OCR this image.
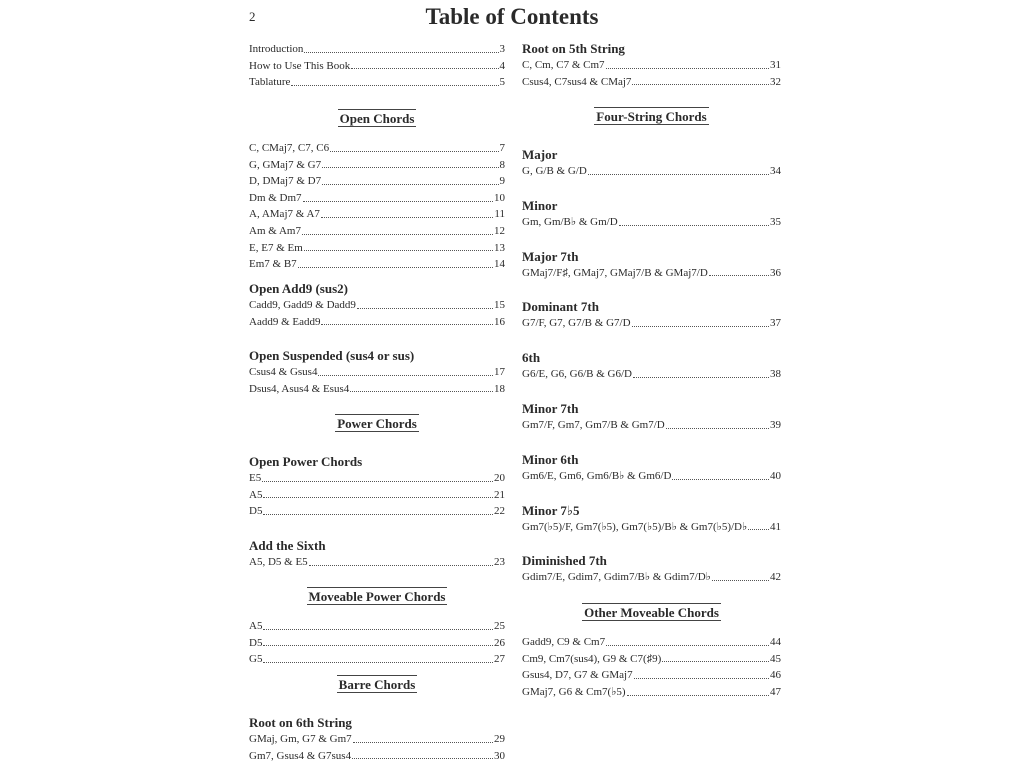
2	Table of Contents
Introduction	3
How to Use This Book	4
Tablature	5
Open Chords
C, CMaj7, C7, C6	7
G, GMaj7 & G7	8
D, DMaj7 & D7	9
Dm & Dm7	10
A, AMaj7 & A7	11
Am & Am7	12
E, E7 & Em	13
Em7 & B7	14
Open Add9 (sus2)
Cadd9, Gadd9 & Dadd9	15
Aadd9 & Eadd9	16
Open Suspended (sus4 or sus)
Csus4 & Gsus4	17
Dsus4, Asus4 & Esus4	18
Power Chords
Open Power Chords
E5	20
A5	21
D5	22
Add the Sixth
A5, D5 & E5	23
Moveable Power Chords
A5	25
D5	26
G5	27
Barre Chords
Root on 6th String
GMaj, Gm, G7 & Gm7	29
Gm7, Gsus4 & G7sus4	30
Root on 5th String
C, Cm, C7 & Cm7	31
Csus4, C7sus4 & CMaj7	32
Four-String Chords
Major
G, G/B & G/D	34
Minor
Gm, Gm/B♭ & Gm/D	35
Major 7th
GMaj7/F♯, GMaj7, GMaj7/B & GMaj7/D	36
Dominant 7th
G7/F, G7, G7/B & G7/D	37
6th
G6/E, G6, G6/B & G6/D	38
Minor 7th
Gm7/F, Gm7, Gm7/B & Gm7/D	39
Minor 6th
Gm6/E, Gm6, Gm6/B♭ & Gm6/D	40
Minor 7♭5
Gm7(♭5)/F, Gm7(♭5), Gm7(♭5)/B♭ & Gm7(♭5)/D♭ 41
Diminished 7th
Gdim7/E, Gdim7, Gdim7/B♭ & Gdim7/D♭	42
Other Moveable Chords
Gadd9, C9 & Cm7	44
Cm9, Cm7(sus4), G9 & C7(♯9)	45
Gsus4, D7, G7 & GMaj7	46
GMaj7, G6 & Cm7(♭5)	47
